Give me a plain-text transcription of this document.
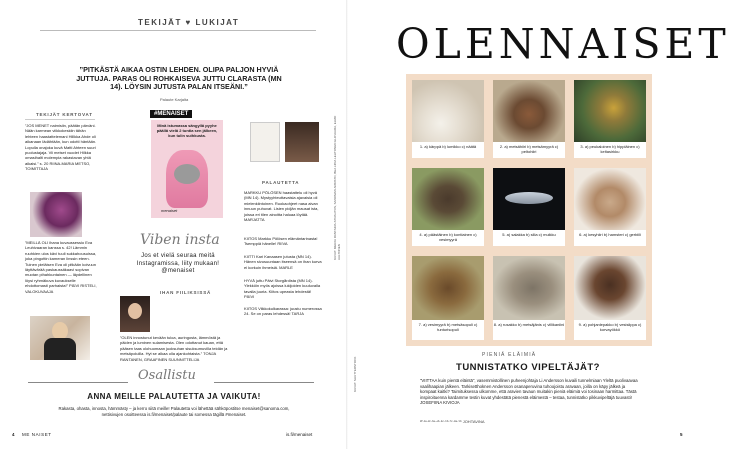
TEKIJÄT ♥ LUKIJAT
”PITKÄSTÄ AIKAA OSTIN LEHDEN. OLIPA PALJON HYVIÄ JUTTUJA. PARAS OLI ROHKAISEVA JUTTU CLARASTA (MN 14). LÖYSIN JUTUSTA PALAN ITSEÄNI.”
Palaute Karjalta
TEKIJÄT KERTOVAT
”JOS MENET naimisiin, päätän pärväni. Nään karmean viikkokeskiin tähän lehteen haastattelemani Hillkka Ahde oli aikanaan lädähtään, kun odotti häntään. Lopulla onajoka kuvä Matti Ahteen suuri puolustajaja. Vii meiset vuodet Hilkka omasihalti molempia rakastavan yhtä aikaisi.” s. 20 RIINA-MARIA METSO, TOIMITTAJA
”MEILLÄ OLI ihana kuvaussessio Eva Leuhivaaran kanssa s. 42! Lämmin ruuhkien ulos kävi tuuli sukkahousuissa, joka pingottin kameran linssin eteen. Tuinen pieläisen Eva oli pitkään koivuun läyttävärää paskaussäkaavi sopivan muotan pihahkuntainen — läydellinen löysi ryhmäkuva kuvaukselle ehdottomasti parhaista!” PÄIVI RISTELI, VALOKUVAAJA
#MENAISET
Minä istumassa sängyllä pyyhe päällä vielä 2 tuntia sen jälkeen, kun tulin suihkusta.
menaiset
PALAUTETTA
MARKKU PÖLÖSEN haastattelu oli hyvä (MN 14). Mystyyhteuttavaisia ajavaisia oli mielenkiintoinen. Ruokaohjeet nasa aivan innuun puhuvat. Lisien pidjän mausat ista, joissa eri tilen ainoitta haluaa löytää. MARJATTA
KIITOS Markku Pölösen elämäntarinasta! Tsemppiä hänelle! RIIVA
KIITTI Kari Kanaasen jutusta (MN 14). Hänen sivusuuntaan itseensä on ihan kurva ei korkuin ihmeisiä. MARLE
HYVÄ juttu Päivi Storgårdista (MN 14). Ylekköin myös ajoissa lukijoiden kuuluvalla tavalla juuria. Kiitos upeasta lehdestä! PÄIVI
KIITOS Viikkokulkarassa: juustu numerossa 24. Se on paras lehdessä! TARJA
Viben insta
Jos et vielä seuraa meitä Instagramissa, liity mukaan! @menaiset
IHAN FIILIKSISSÄ
”OLEN innostunut kevään tuloa, auringosta, lämmöstä ja päiden ja luminen sulamisesta. Olen odottanut kauan, että pääsen taas olohuomaan juoksuhan sisuksumuvilla teidän ja metsäpoluilla. Hyt se alkaa olla ajankohtaista.” TONJA RANTANEN, GRAAFINEN SUUNNITTELIJA
Osallistu
ANNA MEILLE PALAUTETTA JA VAIKUTA!
Rakasta, ohasta, innosta, hämmästy – ja kerro siitä meille! Palautetta voi lähettää sähköpostitse menaiset@sanoma.com, nettisivujen osoitteessa is.fi/menaiset/palaute tai somessa tägillä #menaiset.
4 ME NAISET	is.fi/menaiset
KUVAT: MERJA RANTAIRA-STRAUTOS, SANOMAN ARKISTO, BEA LIINA LEHTONEN ELOVAARA, ELMO AALTONEN
OLENNAISET
1. a) kärppä b) lumikko c) näätä	2. a) metsähiiri b) metsämyyrä c) peltohiiri
3. a) peukaloinen b) hippiäinen c) keltasirkku
4. a) päästäinen b) kontiainen c) vesimyyrä
5. a) salakka b) silia c) muikku	6. a) kesyhiiri b) hamsteri c) gerbiili
7. a) vesimyyrä b) metsäsopuli c) tunturisopuli
8. a) rusakko b) metsäjänis c) villikaniini	9. a) pohjanlepakko b) vesisiippa c) korvayökkö
PIENIÄ ELÄIMIÄ
TUNNISTATKO VIPELTÄJÄT?
”VIITTAA kuin pientä eläintä”, vasemmistollinen puheenjohtaja Li Andersson kuvaili tunnelmiaan Yleltä puolivaavaa vaalihaapian jälkeen. Tarkisetthoknen Andersson osanaperuvina tuhoojoistu aravaan, joilla on käpy jälkeä ja kompaat kaitki? Taimituksessa ulkomme, että aravien tavaun muitakin pieniä eläimiä voi tosinaan harmittaa. Tästä inspiroituenna kardamme testin kuvat yhdestätä pienestä eläimestä – testaa, tunnistatko pikkuvipeltäjä tuuvasti! JOSEFIINA KIVIOJA
ᵂ·¹ᵃ·²ᶜ·³ᵃ·⁴ᵇ·⁵ᶜ·⁶ᵇ·⁷ᶜ·⁸ᵃ·⁹ᵇ JOHTAVINA
5
KUVAT: SHUTTERSTOCK
